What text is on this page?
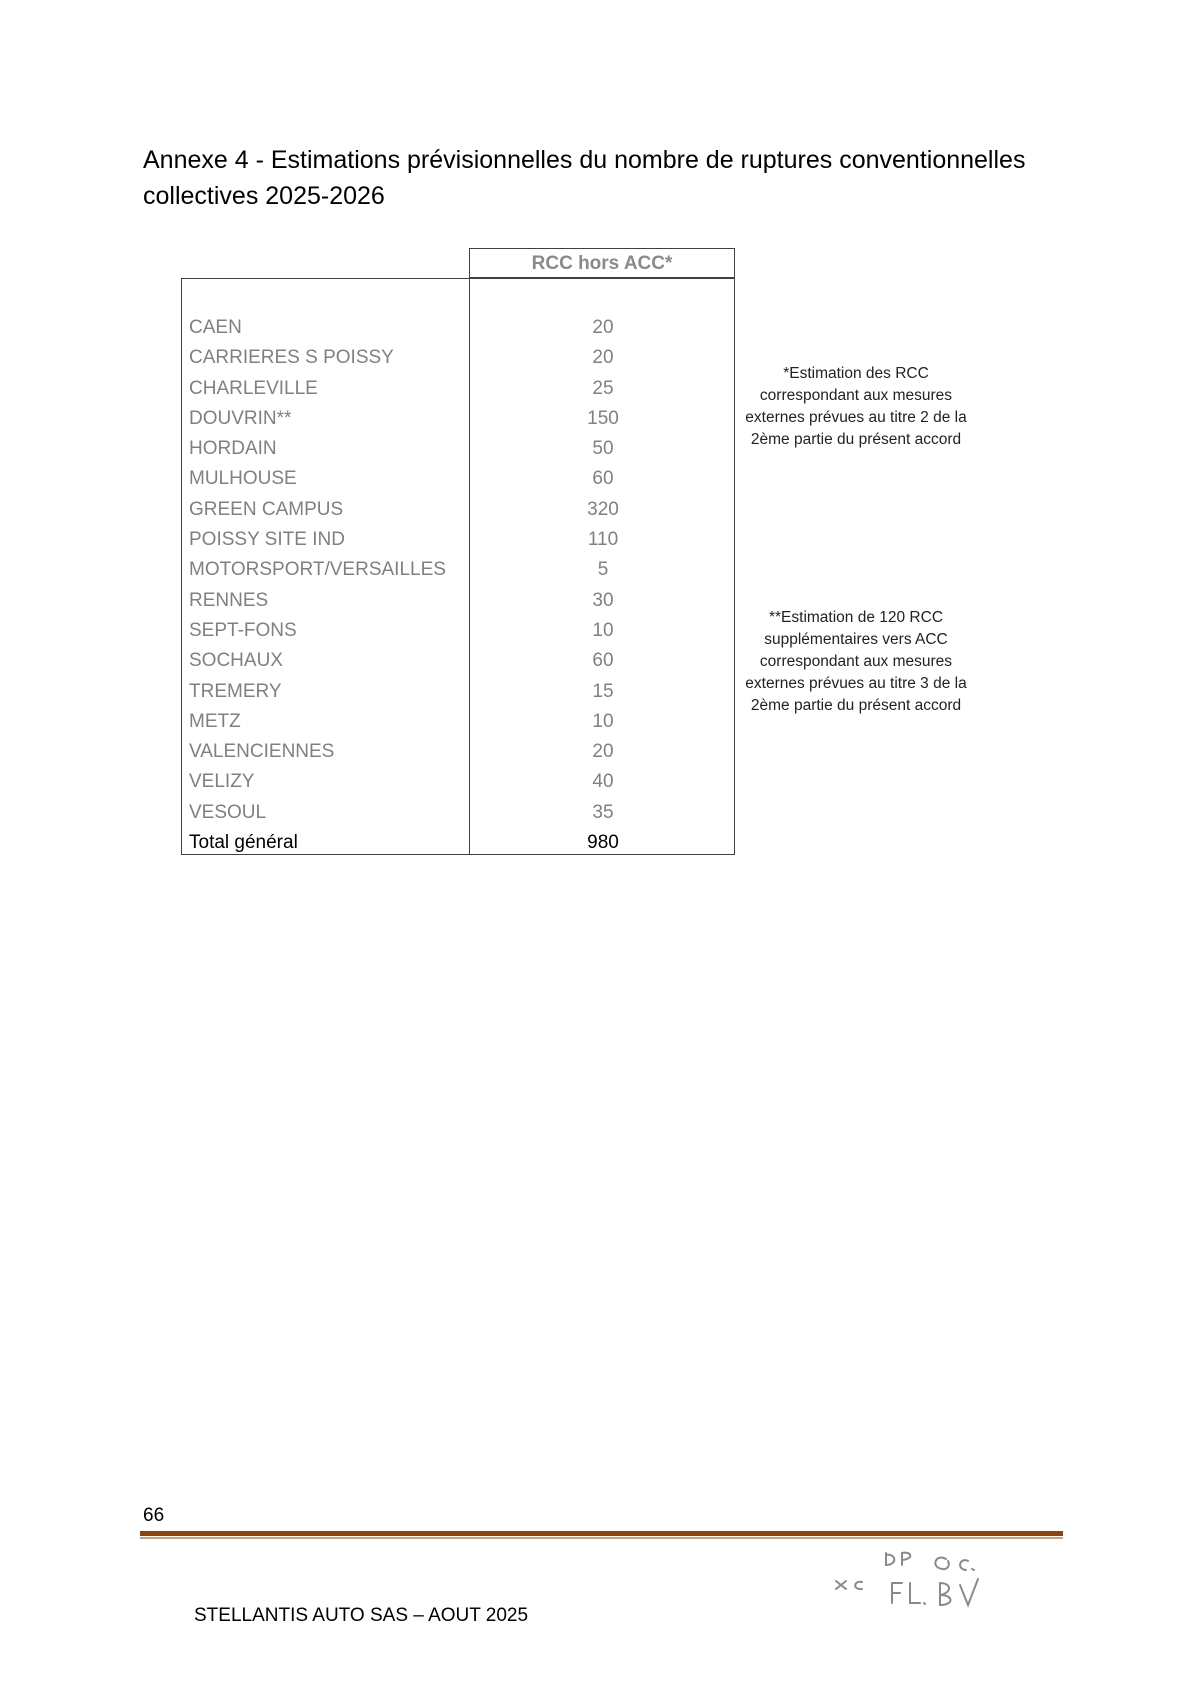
Annexe 4 - Estimations prévisionnelles du nombre de ruptures conventionnelles collectives 2025-2026
RCC hors ACC*
CAEN	20
CARRIERES S POISSY	20
CHARLEVILLE	25
DOUVRIN**	150
HORDAIN	50
MULHOUSE	60
GREEN CAMPUS	320
POISSY SITE IND	110
MOTORSPORT/VERSAILLES	5
RENNES	30
SEPT-FONS	10
SOCHAUX	60
TREMERY	15
METZ	10
VALENCIENNES	20
VELIZY	40
VESOUL	35
Total général	980
*Estimation des RCC correspondant aux mesures externes prévues au titre 2 de la 2ème partie du présent accord
**Estimation de 120 RCC supplémentaires vers ACC correspondant aux mesures externes prévues au titre 3 de la 2ème partie du présent accord
66
STELLANTIS AUTO SAS – AOUT 2025
